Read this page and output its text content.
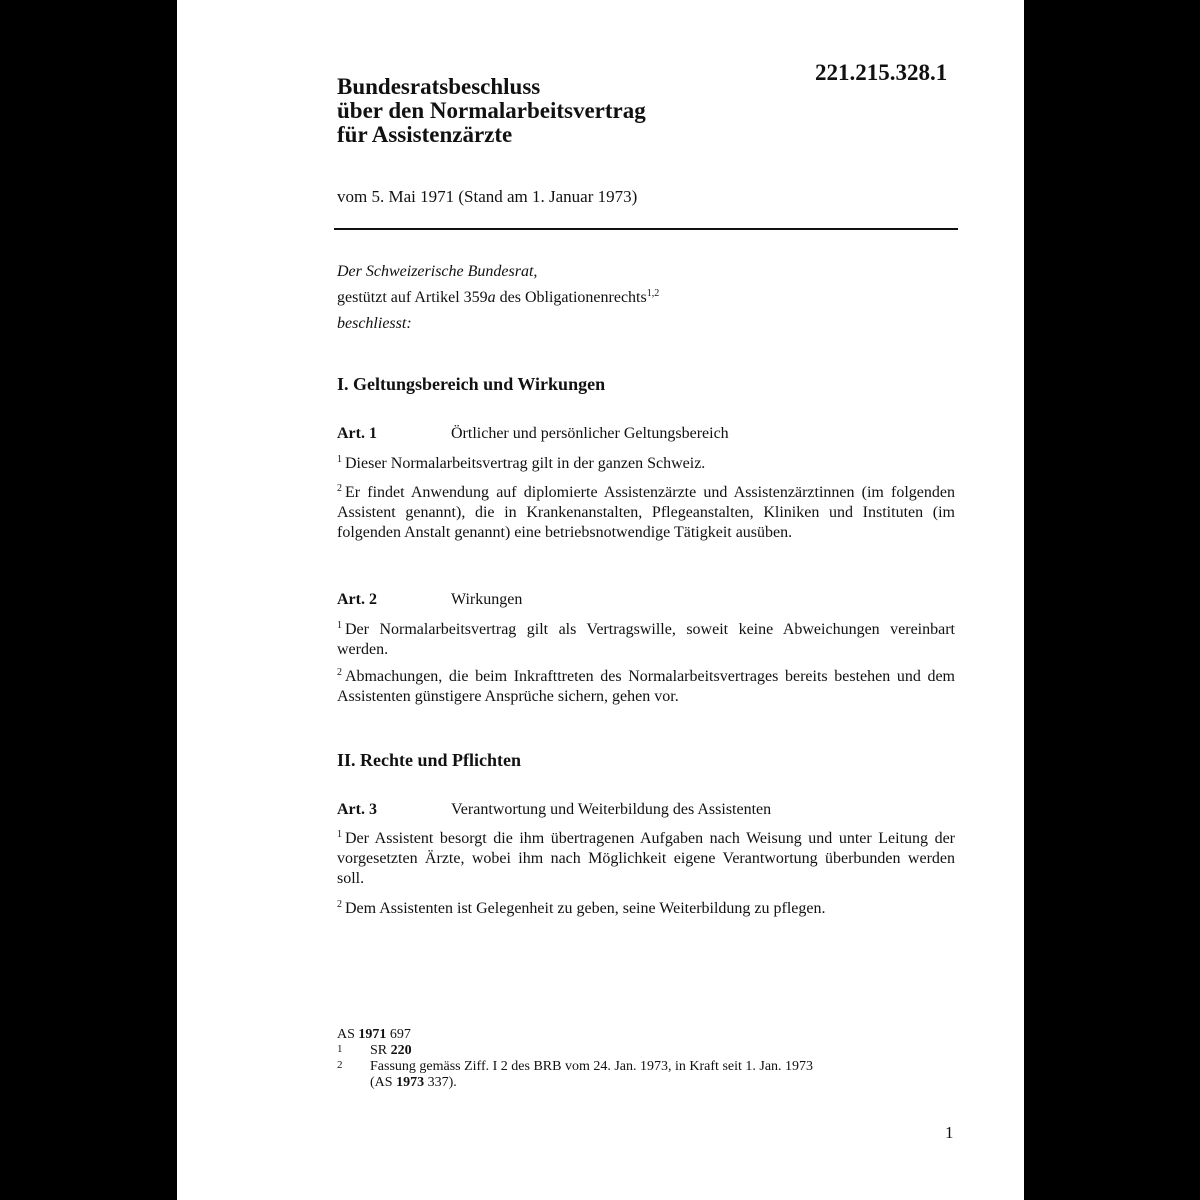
221.215.328.1
Bundesratsbeschluss
über den Normalarbeitsvertrag
für Assistenzärzte
vom 5. Mai 1971 (Stand am 1. Januar 1973)
Der Schweizerische Bundesrat,
gestützt auf Artikel 359a des Obligationenrechts$^{1,2}$
beschliesst:
I. Geltungsbereich und Wirkungen
Art. 1	Örtlicher und persönlicher Geltungsbereich
$^1$ Dieser Normalarbeitsvertrag gilt in der ganzen Schweiz.
$^2$ Er findet Anwendung auf diplomierte Assistenzärzte und Assistenzärztinnen (im folgenden Assistent genannt), die in Krankenanstalten, Pflegeanstalten, Kliniken und Instituten (im folgenden Anstalt genannt) eine betriebsnotwendige Tätigkeit ausüben.
Art. 2	Wirkungen
$^1$ Der Normalarbeitsvertrag gilt als Vertragswille, soweit keine Abweichungen vereinbart werden.
$^2$ Abmachungen, die beim Inkrafttreten des Normalarbeitsvertrages bereits bestehen und dem Assistenten günstigere Ansprüche sichern, gehen vor.
II. Rechte und Pflichten
Art. 3	Verantwortung und Weiterbildung des Assistenten
$^1$ Der Assistent besorgt die ihm übertragenen Aufgaben nach Weisung und unter Leitung der vorgesetzten Ärzte, wobei ihm nach Möglichkeit eigene Verantwortung überbunden werden soll.
$^2$ Dem Assistenten ist Gelegenheit zu geben, seine Weiterbildung zu pflegen.
AS 1971 697
1	SR 220
2	Fassung gemäss Ziff. I 2 des BRB vom 24. Jan. 1973, in Kraft seit 1. Jan. 1973
(AS 1973 337).
1
